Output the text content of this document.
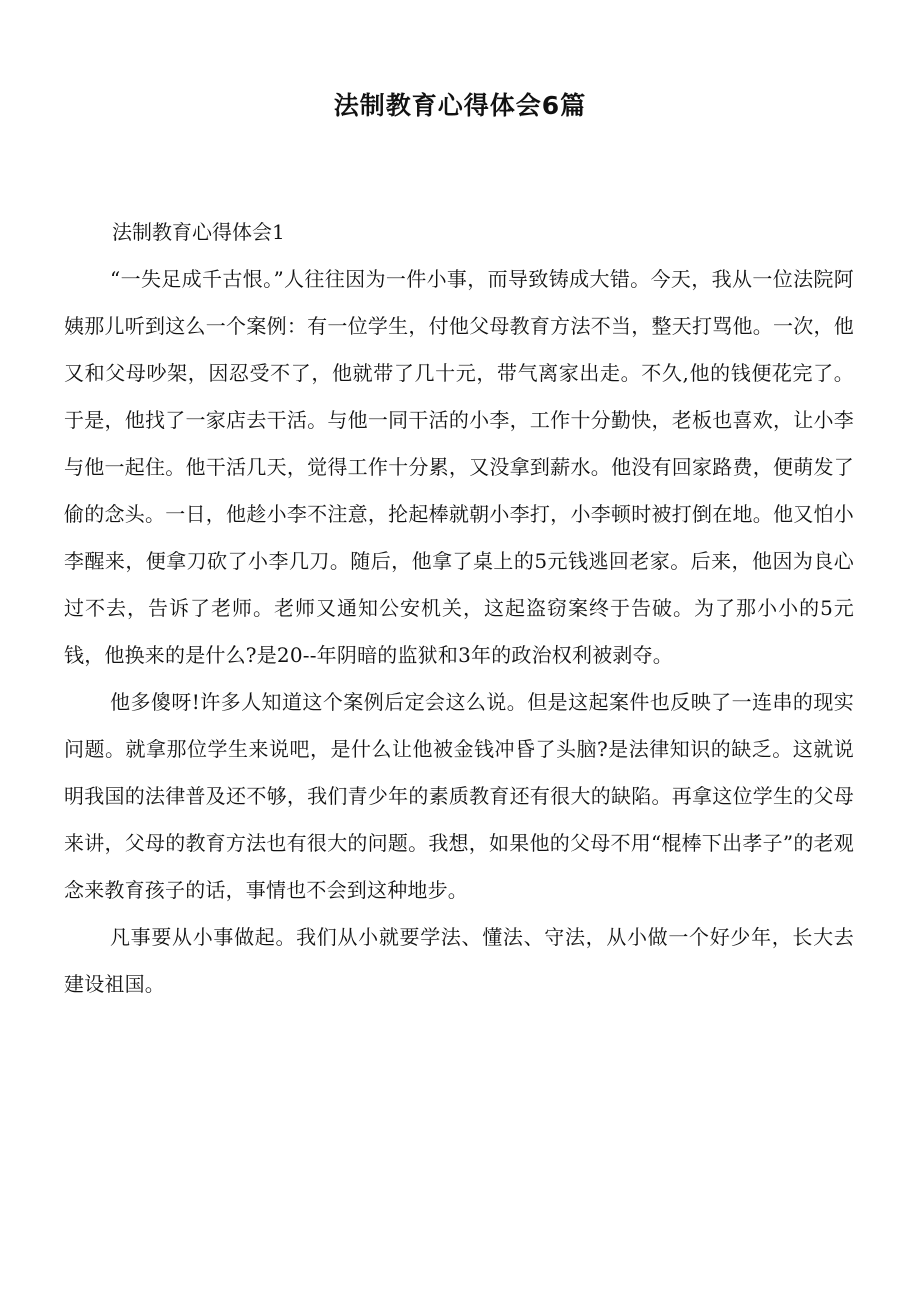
法制教育心得体会6篇

法制教育心得体会1

“一失足成千古恨。”人往往因为一件小事，而导致铸成大错。今天，我从一位法院阿姨那儿听到这么一个案例：有一位学生，付他父母教育方法不当，整天打骂他。一次，他又和父母吵架，因忍受不了，他就带了几十元，带气离家出走。不久,他的钱便花完了。于是，他找了一家店去干活。与他一同干活的小李，工作十分勤快，老板也喜欢，让小李与他一起住。他干活几天，觉得工作十分累，又没拿到薪水。他没有回家路费，便萌发了偷的念头。一日，他趁小李不注意，抡起棒就朝小李打，小李顿时被打倒在地。他又怕小李醒来，便拿刀砍了小李几刀。随后，他拿了桌上的5元钱逃回老家。后来，他因为良心过不去，告诉了老师。老师又通知公安机关，这起盗窃案终于告破。为了那小小的5元钱，他换来的是什么?是20--年阴暗的监狱和3年的政治权利被剥夺。

他多傻呀!许多人知道这个案例后定会这么说。但是这起案件也反映了一连串的现实问题。就拿那位学生来说吧，是什么让他被金钱冲昏了头脑?是法律知识的缺乏。这就说明我国的法律普及还不够，我们青少年的素质教育还有很大的缺陷。再拿这位学生的父母来讲，父母的教育方法也有很大的问题。我想，如果他的父母不用“棍棒下出孝子”的老观念来教育孩子的话，事情也不会到这种地步。

凡事要从小事做起。我们从小就要学法、懂法、守法，从小做一个好少年，长大去建设祖国。
